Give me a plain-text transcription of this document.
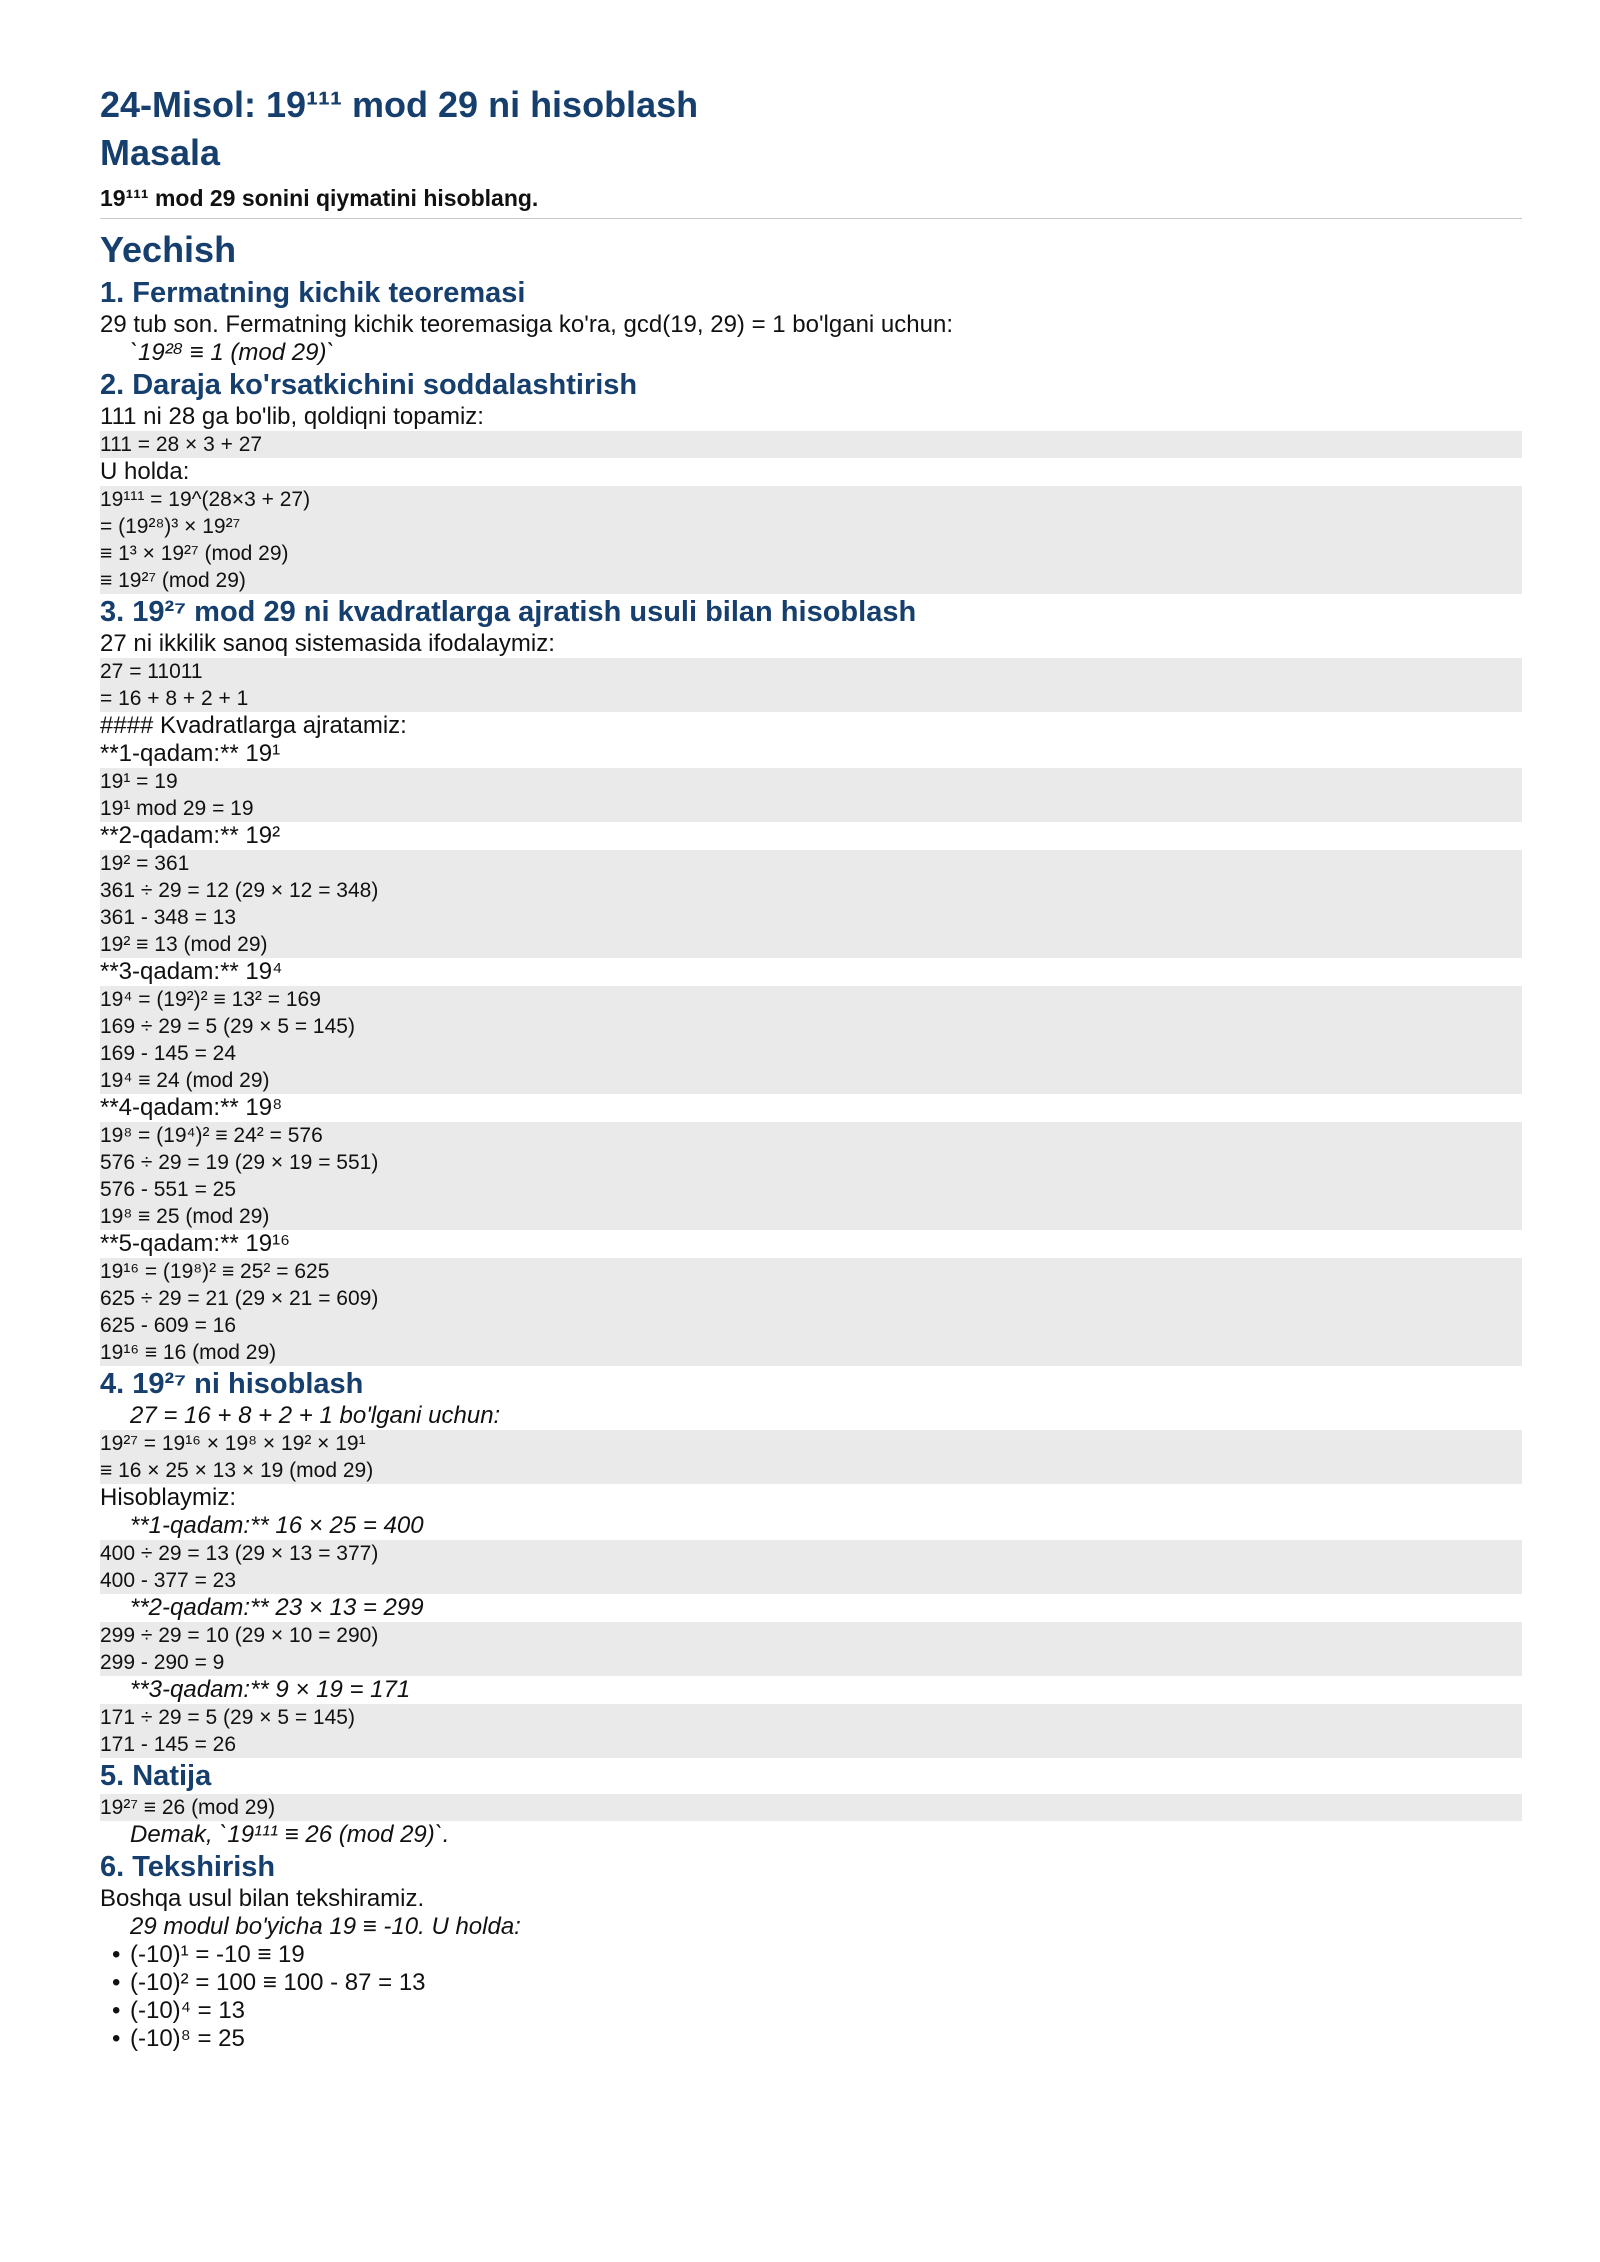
24-Misol: 19¹¹¹ mod 29 ni hisoblash
Masala

19¹¹¹ mod 29 sonini qiymatini hisoblang.

Yechish
1. Fermatning kichik teoremasi

29 tub son. Fermatning kichik teoremasiga ko'ra, gcd(19, 29) = 1 bo'lgani uchun:

`19²⁸ ≡ 1 (mod 29)`

2. Daraja ko'rsatkichini soddalashtirish

111 ni 28 ga bo'lib, qoldiqni topamiz:

111 = 28 × 3 + 27

U holda:

19¹¹¹ = 19^(28×3 + 27)
= (19²⁸)³ × 19²⁷
≡ 1³ × 19²⁷ (mod 29)
≡ 19²⁷ (mod 29)
3. 19²⁷ mod 29 ni kvadratlarga ajratish usuli bilan hisoblash

27 ni ikkilik sanoq sistemasida ifodalaymiz:

27 = 11011
= 16 + 8 + 2 + 1

#### Kvadratlarga ajratamiz:

**1-qadam:** 19¹

19¹ = 19
19¹ mod 29 = 19

**2-qadam:** 19²

19² = 361
361 ÷ 29 = 12 (29 × 12 = 348)
361 - 348 = 13
19² ≡ 13 (mod 29)

**3-qadam:** 19⁴

19⁴ = (19²)² ≡ 13² = 169
169 ÷ 29 = 5 (29 × 5 = 145)
169 - 145 = 24
19⁴ ≡ 24 (mod 29)

**4-qadam:** 19⁸

19⁸ = (19⁴)² ≡ 24² = 576
576 ÷ 29 = 19 (29 × 19 = 551)
576 - 551 = 25
19⁸ ≡ 25 (mod 29)

**5-qadam:** 19¹⁶

19¹⁶ = (19⁸)² ≡ 25² = 625
625 ÷ 29 = 21 (29 × 21 = 609)
625 - 609 = 16
19¹⁶ ≡ 16 (mod 29)
4. 19²⁷ ni hisoblash

27 = 16 + 8 + 2 + 1 bo'lgani uchun:

19²⁷ = 19¹⁶ × 19⁸ × 19² × 19¹
≡ 16 × 25 × 13 × 19 (mod 29)

Hisoblaymiz:

**1-qadam:** 16 × 25 = 400

400 ÷ 29 = 13 (29 × 13 = 377)
400 - 377 = 23

**2-qadam:** 23 × 13 = 299

299 ÷ 29 = 10 (29 × 10 = 290)
299 - 290 = 9

**3-qadam:** 9 × 19 = 171

171 ÷ 29 = 5 (29 × 5 = 145)
171 - 145 = 26
5. Natija
19²⁷ ≡ 26 (mod 29)

Demak, `19¹¹¹ ≡ 26 (mod 29)`.

6. Tekshirish

Boshqa usul bilan tekshiramiz.

29 modul bo'yicha 19 ≡ -10. U holda:

• (-10)¹ = -10 ≡ 19
• (-10)² = 100 ≡ 100 - 87 = 13
• (-10)⁴ = 13
• (-10)⁸ = 25
